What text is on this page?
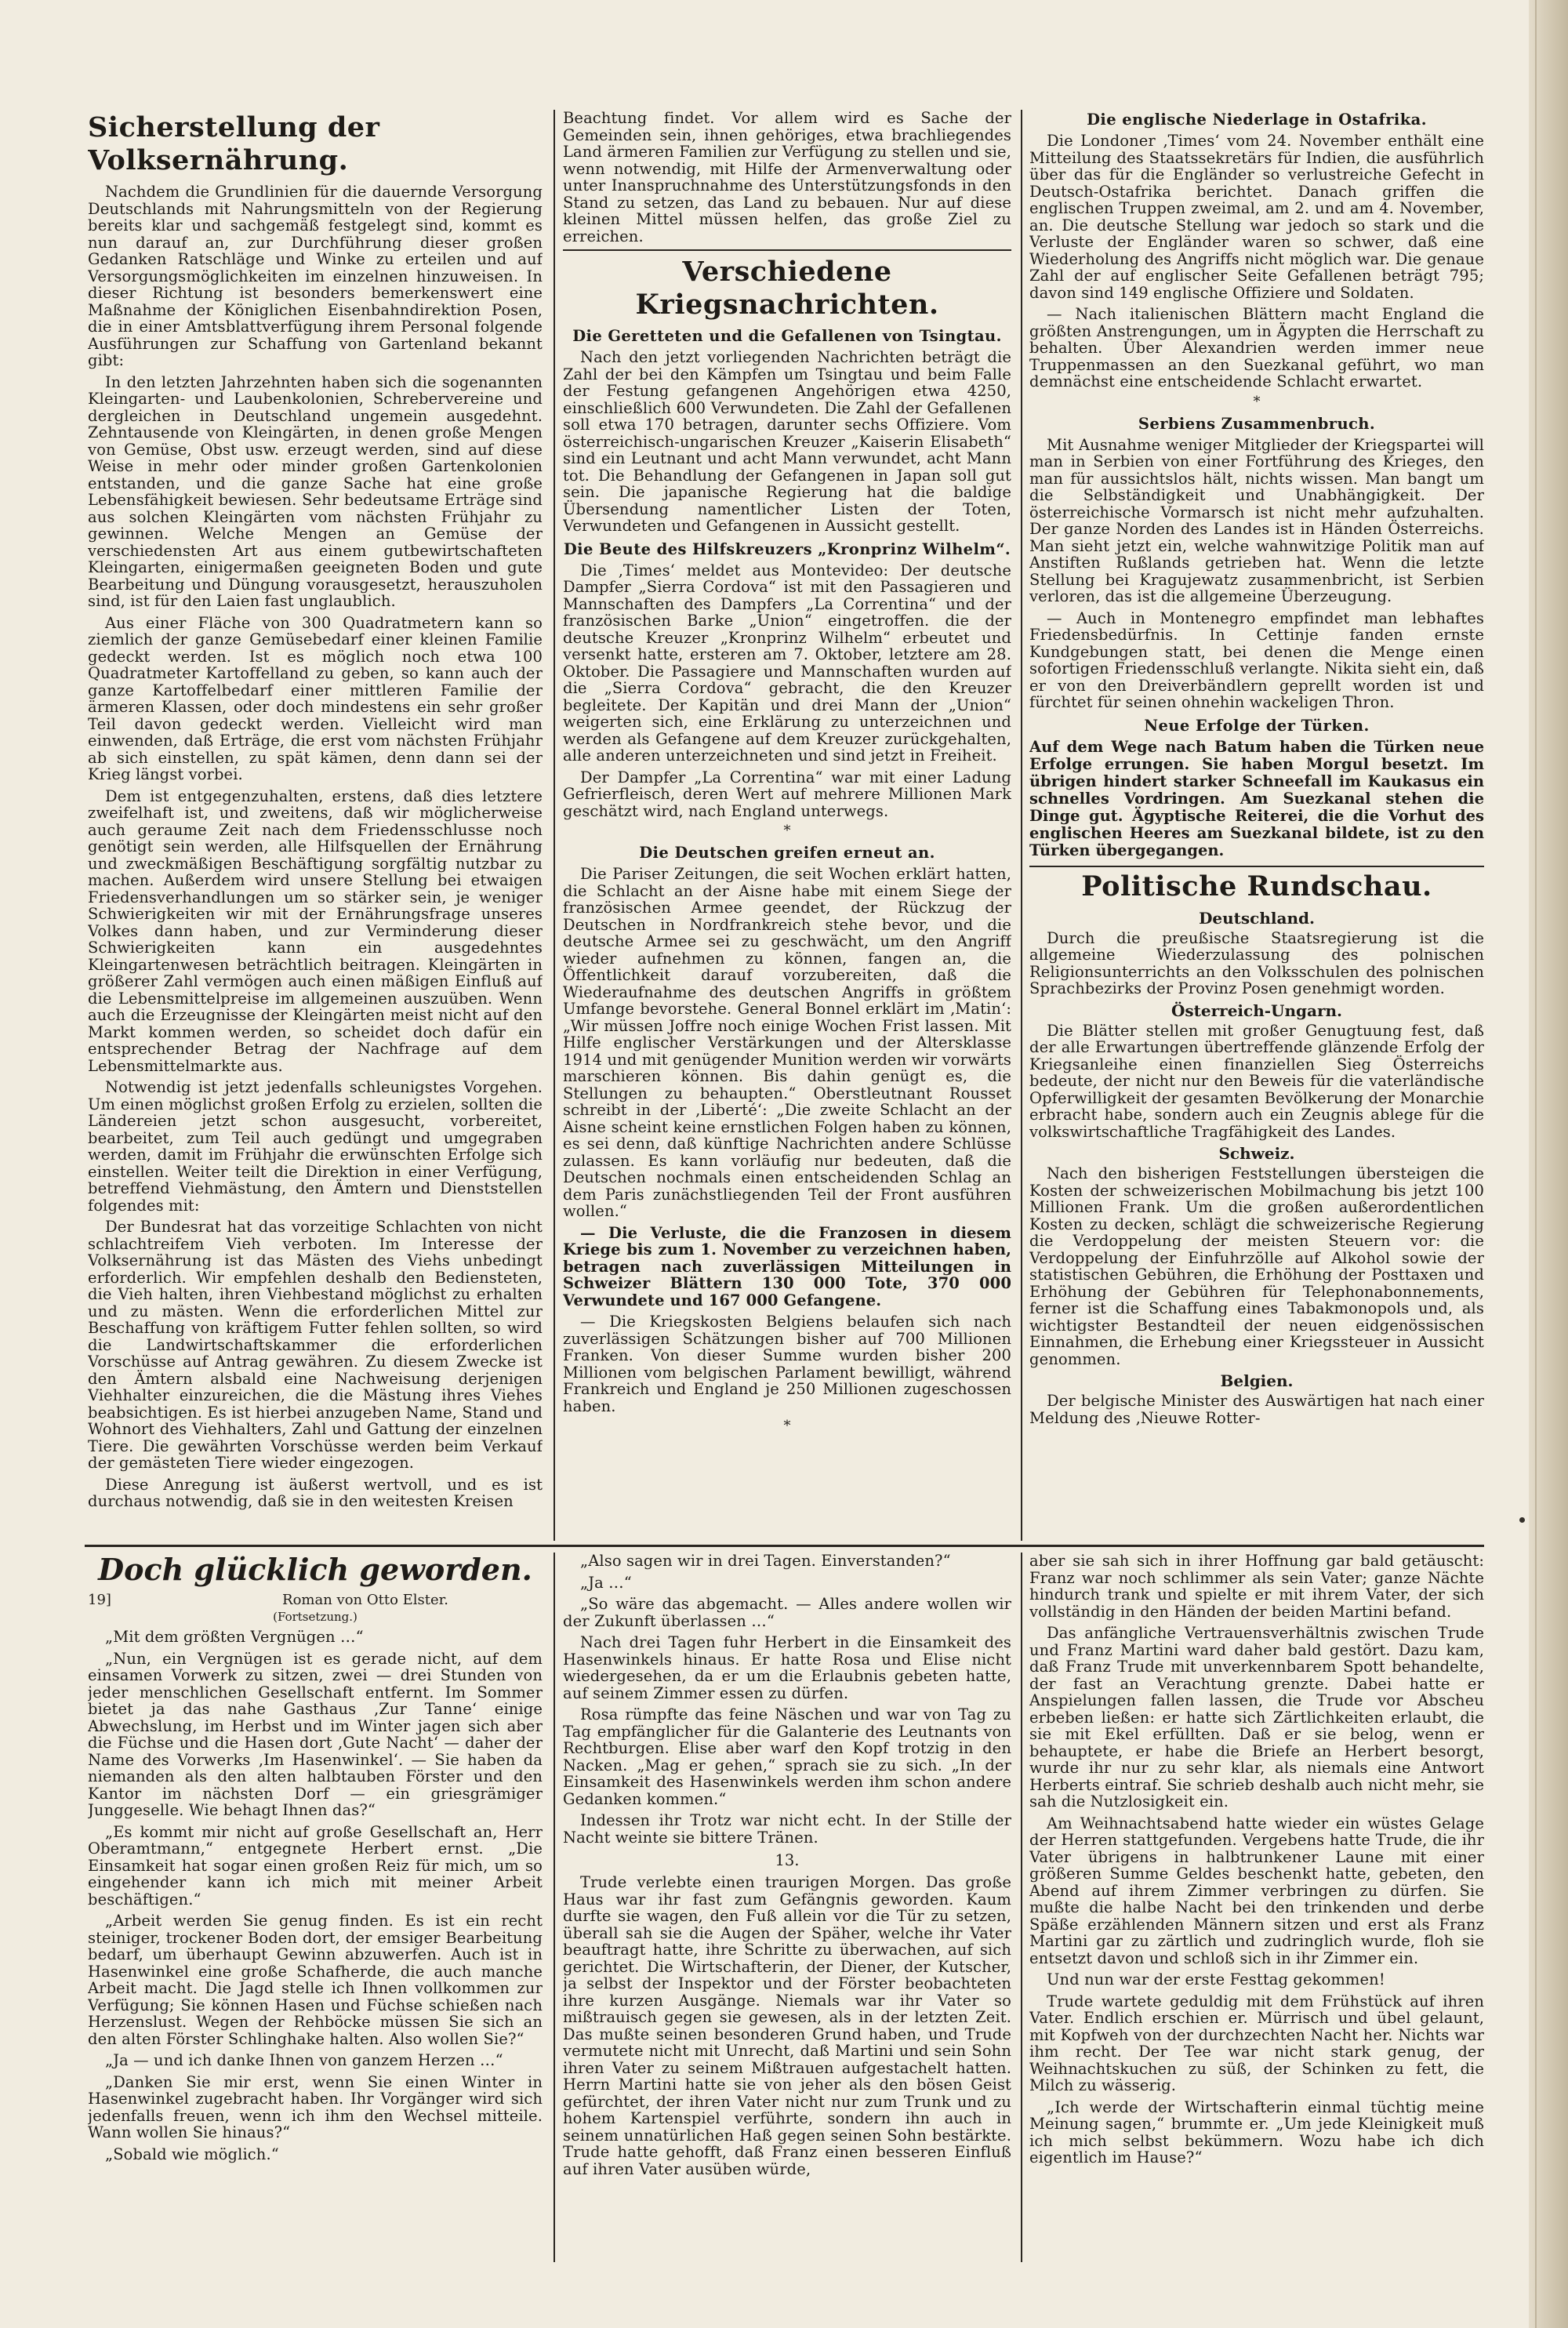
Sicherstellung der Volksernährung.

Nachdem die Grundlinien für die dauernde Versorgung Deutschlands mit Nahrungsmitteln von der Regierung bereits klar und sachgemäß festgelegt sind, kommt es nun darauf an, zur Durchführung dieser großen Gedanken Ratschläge und Winke zu erteilen und auf Versorgungsmöglichkeiten im einzelnen hinzuweisen. In dieser Richtung ist besonders bemerkenswert eine Maßnahme der Königlichen Eisenbahndirektion Posen, die in einer Amtsblattverfügung ihrem Personal folgende Ausführungen zur Schaffung von Gartenland bekannt gibt:

In den letzten Jahrzehnten haben sich die sogenannten Kleingarten- und Laubenkolonien, Schrebervereine und dergleichen in Deutschland ungemein ausgedehnt. Zehntausende von Kleingärten, in denen große Mengen von Gemüse, Obst usw. erzeugt werden, sind auf diese Weise in mehr oder minder großen Gartenkolonien entstanden, und die ganze Sache hat eine große Lebensfähigkeit bewiesen. Sehr bedeutsame Erträge sind aus solchen Kleingärten vom nächsten Frühjahr zu gewinnen. Welche Mengen an Gemüse der verschiedensten Art aus einem gutbewirtschafteten Kleingarten, einigermaßen geeigneten Boden und gute Bearbeitung und Düngung vorausgesetzt, herauszuholen sind, ist für den Laien fast unglaublich.

Aus einer Fläche von 300 Quadratmetern kann so ziemlich der ganze Gemüsebedarf einer kleinen Familie gedeckt werden. Ist es möglich noch etwa 100 Quadratmeter Kartoffelland zu geben, so kann auch der ganze Kartoffelbedarf einer mittleren Familie der ärmeren Klassen, oder doch mindestens ein sehr großer Teil davon gedeckt werden. Vielleicht wird man einwenden, daß Erträge, die erst vom nächsten Frühjahr ab sich einstellen, zu spät kämen, denn dann sei der Krieg längst vorbei.

Dem ist entgegenzuhalten, erstens, daß dies letztere zweifelhaft ist, und zweitens, daß wir möglicherweise auch geraume Zeit nach dem Friedensschlusse noch genötigt sein werden, alle Hilfsquellen der Ernährung und zweckmäßigen Beschäftigung sorgfältig nutzbar zu machen. Außerdem wird unsere Stellung bei etwaigen Friedensverhandlungen um so stärker sein, je weniger Schwierigkeiten wir mit der Ernährungsfrage unseres Volkes dann haben, und zur Verminderung dieser Schwierigkeiten kann ein ausgedehntes Kleingartenwesen beträchtlich beitragen. Kleingärten in größerer Zahl vermögen auch einen mäßigen Einfluß auf die Lebensmittelpreise im allgemeinen auszuüben. Wenn auch die Erzeugnisse der Kleingärten meist nicht auf den Markt kommen werden, so scheidet doch dafür ein entsprechender Betrag der Nachfrage auf dem Lebensmittelmarkte aus.

Notwendig ist jetzt jedenfalls schleunigstes Vorgehen. Um einen möglichst großen Erfolg zu erzielen, sollten die Ländereien jetzt schon ausgesucht, vorbereitet, bearbeitet, zum Teil auch gedüngt und umgegraben werden, damit im Frühjahr die erwünschten Erfolge sich einstellen. Weiter teilt die Direktion in einer Verfügung, betreffend Viehmästung, den Ämtern und Dienststellen folgendes mit:

Der Bundesrat hat das vorzeitige Schlachten von nicht schlachtreifem Vieh verboten. Im Interesse der Volksernährung ist das Mästen des Viehs unbedingt erforderlich. Wir empfehlen deshalb den Bediensteten, die Vieh halten, ihren Viehbestand möglichst zu erhalten und zu mästen. Wenn die erforderlichen Mittel zur Beschaffung von kräftigem Futter fehlen sollten, so wird die Landwirtschaftskammer die erforderlichen Vorschüsse auf Antrag gewähren. Zu diesem Zwecke ist den Ämtern alsbald eine Nachweisung derjenigen Viehhalter einzureichen, die die Mästung ihres Viehes beabsichtigen. Es ist hierbei anzugeben Name, Stand und Wohnort des Viehhalters, Zahl und Gattung der einzelnen Tiere. Die gewährten Vorschüsse werden beim Verkauf der gemästeten Tiere wieder eingezogen.

Diese Anregung ist äußerst wertvoll, und es ist durchaus notwendig, daß sie in den weitesten Kreisen

Beachtung findet. Vor allem wird es Sache der Gemeinden sein, ihnen gehöriges, etwa brachliegendes Land ärmeren Familien zur Verfügung zu stellen und sie, wenn notwendig, mit Hilfe der Armenverwaltung oder unter Inanspruchnahme des Unterstützungsfonds in den Stand zu setzen, das Land zu bebauen. Nur auf diese kleinen Mittel müssen helfen, das große Ziel zu erreichen.

Verschiedene Kriegsnachrichten.
Die Geretteten und die Gefallenen von Tsingtau.

Nach den jetzt vorliegenden Nachrichten beträgt die Zahl der bei den Kämpfen um Tsingtau und beim Falle der Festung gefangenen Angehörigen etwa 4250, einschließlich 600 Verwundeten. Die Zahl der Gefallenen soll etwa 170 betragen, darunter sechs Offiziere. Vom österreichisch-ungarischen Kreuzer „Kaiserin Elisabeth“ sind ein Leutnant und acht Mann verwundet, acht Mann tot. Die Behandlung der Gefangenen in Japan soll gut sein. Die japanische Regierung hat die baldige Übersendung namentlicher Listen der Toten, Verwundeten und Gefangenen in Aussicht gestellt.

Die Beute des Hilfskreuzers „Kronprinz Wilhelm“.

Die ‚Times‘ meldet aus Montevideo: Der deutsche Dampfer „Sierra Cordova“ ist mit den Passagieren und Mannschaften des Dampfers „La Correntina“ und der französischen Barke „Union“ eingetroffen. die der deutsche Kreuzer „Kronprinz Wilhelm“ erbeutet und versenkt hatte, ersteren am 7. Oktober, letztere am 28. Oktober. Die Passagiere und Mannschaften wurden auf die „Sierra Cordova“ gebracht, die den Kreuzer begleitete. Der Kapitän und drei Mann der „Union“ weigerten sich, eine Erklärung zu unterzeichnen und werden als Gefangene auf dem Kreuzer zurückgehalten, alle anderen unterzeichneten und sind jetzt in Freiheit.

Der Dampfer „La Correntina“ war mit einer Ladung Gefrierfleisch, deren Wert auf mehrere Millionen Mark geschätzt wird, nach England unterwegs.

*
Die Deutschen greifen erneut an.

Die Pariser Zeitungen, die seit Wochen erklärt hatten, die Schlacht an der Aisne habe mit einem Siege der französischen Armee geendet, der Rückzug der Deutschen in Nordfrankreich stehe bevor, und die deutsche Armee sei zu geschwächt, um den Angriff wieder aufnehmen zu können, fangen an, die Öffentlichkeit darauf vorzubereiten, daß die Wiederaufnahme des deutschen Angriffs in größtem Umfange bevorstehe. General Bonnel erklärt im ‚Matin‘: „Wir müssen Joffre noch einige Wochen Frist lassen. Mit Hilfe englischer Verstärkungen und der Altersklasse 1914 und mit genügender Munition werden wir vorwärts marschieren können. Bis dahin genügt es, die Stellungen zu behaupten.“ Oberstleutnant Rousset schreibt in der ‚Liberté‘: „Die zweite Schlacht an der Aisne scheint keine ernstlichen Folgen haben zu können, es sei denn, daß künftige Nachrichten andere Schlüsse zulassen. Es kann vorläufig nur bedeuten, daß die Deutschen nochmals einen entscheidenden Schlag an dem Paris zunächstliegenden Teil der Front ausführen wollen.“

— Die Verluste, die die Franzosen in diesem Kriege bis zum 1. November zu verzeichnen haben, betragen nach zuverlässigen Mitteilungen in Schweizer Blättern 130 000 Tote, 370 000 Verwundete und 167 000 Gefangene.

— Die Kriegskosten Belgiens belaufen sich nach zuverlässigen Schätzungen bisher auf 700 Millionen Franken. Von dieser Summe wurden bisher 200 Millionen vom belgischen Parlament bewilligt, während Frankreich und England je 250 Millionen zugeschossen haben.

*
Die englische Niederlage in Ostafrika.

Die Londoner ‚Times‘ vom 24. November enthält eine Mitteilung des Staatssekretärs für Indien, die ausführlich über das für die Engländer so verlustreiche Gefecht in Deutsch-Ostafrika berichtet. Danach griffen die englischen Truppen zweimal, am 2. und am 4. November, an. Die deutsche Stellung war jedoch so stark und die Verluste der Engländer waren so schwer, daß eine Wiederholung des Angriffs nicht möglich war. Die genaue Zahl der auf englischer Seite Gefallenen beträgt 795; davon sind 149 englische Offiziere und Soldaten.

— Nach italienischen Blättern macht England die größten Anstrengungen, um in Ägypten die Herrschaft zu behalten. Über Alexandrien werden immer neue Truppenmassen an den Suezkanal geführt, wo man demnächst eine entscheidende Schlacht erwartet.

*
Serbiens Zusammenbruch.

Mit Ausnahme weniger Mitglieder der Kriegspartei will man in Serbien von einer Fortführung des Krieges, den man für aussichtslos hält, nichts wissen. Man bangt um die Selbständigkeit und Unabhängigkeit. Der österreichische Vormarsch ist nicht mehr aufzuhalten. Der ganze Norden des Landes ist in Händen Österreichs. Man sieht jetzt ein, welche wahnwitzige Politik man auf Anstiften Rußlands getrieben hat. Wenn die letzte Stellung bei Kragujewatz zusammenbricht, ist Serbien verloren, das ist die allgemeine Überzeugung.

— Auch in Montenegro empfindet man lebhaftes Friedensbedürfnis. In Cettinje fanden ernste Kundgebungen statt, bei denen die Menge einen sofortigen Friedensschluß verlangte. Nikita sieht ein, daß er von den Dreiverbändlern geprellt worden ist und fürchtet für seinen ohnehin wackeligen Thron.

Neue Erfolge der Türken.
Auf dem Wege nach Batum haben die Türken neue Erfolge errungen. Sie haben Morgul besetzt. Im übrigen hindert starker Schneefall im Kaukasus ein schnelles Vordringen. Am Suezkanal stehen die Dinge gut. Ägyptische Reiterei, die die Vorhut des englischen Heeres am Suezkanal bildete, ist zu den Türken übergegangen.
Politische Rundschau.
Deutschland.

Durch die preußische Staatsregierung ist die allgemeine Wiederzulassung des polnischen Religionsunterrichts an den Volksschulen des polnischen Sprachbezirks der Provinz Posen genehmigt worden.

Österreich-Ungarn.

Die Blätter stellen mit großer Genugtuung fest, daß der alle Erwartungen übertreffende glänzende Erfolg der Kriegsanleihe einen finanziellen Sieg Österreichs bedeute, der nicht nur den Beweis für die vaterländische Opferwilligkeit der gesamten Bevölkerung der Monarchie erbracht habe, sondern auch ein Zeugnis ablege für die volkswirtschaftliche Tragfähigkeit des Landes.

Schweiz.

Nach den bisherigen Feststellungen übersteigen die Kosten der schweizerischen Mobilmachung bis jetzt 100 Millionen Frank. Um die großen außerordentlichen Kosten zu decken, schlägt die schweizerische Regierung die Verdoppelung der meisten Steuern vor: die Verdoppelung der Einfuhrzölle auf Alkohol sowie der statistischen Gebühren, die Erhöhung der Posttaxen und Erhöhung der Gebühren für Telephonabonnements, ferner ist die Schaffung eines Tabakmonopols und, als wichtigster Bestandteil der neuen eidgenössischen Einnahmen, die Erhebung einer Kriegssteuer in Aussicht genommen.

Belgien.

Der belgische Minister des Auswärtigen hat nach einer Meldung des ‚Nieuwe Rotter-

Doch glücklich geworden.
19]	Roman von Otto Elster.
(Fortsetzung.)

„Mit dem größten Vergnügen …“

„Nun, ein Vergnügen ist es gerade nicht, auf dem einsamen Vorwerk zu sitzen, zwei — drei Stunden von jeder menschlichen Gesellschaft entfernt. Im Sommer bietet ja das nahe Gasthaus ‚Zur Tanne‘ einige Abwechslung, im Herbst und im Winter jagen sich aber die Füchse und die Hasen dort ‚Gute Nacht‘ — daher der Name des Vorwerks ‚Im Hasenwinkel‘. — Sie haben da niemanden als den alten halbtauben Förster und den Kantor im nächsten Dorf — ein griesgrämiger Junggeselle. Wie behagt Ihnen das?“

„Es kommt mir nicht auf große Gesellschaft an, Herr Oberamtmann,“ entgegnete Herbert ernst. „Die Einsamkeit hat sogar einen großen Reiz für mich, um so eingehender kann ich mich mit meiner Arbeit beschäftigen.“

„Arbeit werden Sie genug finden. Es ist ein recht steiniger, trockener Boden dort, der emsiger Bearbeitung bedarf, um überhaupt Gewinn abzuwerfen. Auch ist in Hasenwinkel eine große Schafherde, die auch manche Arbeit macht. Die Jagd stelle ich Ihnen vollkommen zur Verfügung; Sie können Hasen und Füchse schießen nach Herzenslust. Wegen der Rehböcke müssen Sie sich an den alten Förster Schlinghake halten. Also wollen Sie?“

„Ja — und ich danke Ihnen von ganzem Herzen …“

„Danken Sie mir erst, wenn Sie einen Winter in Hasenwinkel zugebracht haben. Ihr Vorgänger wird sich jedenfalls freuen, wenn ich ihm den Wechsel mitteile. Wann wollen Sie hinaus?“

„Sobald wie möglich.“

„Also sagen wir in drei Tagen. Einverstanden?“

„Ja …“

„So wäre das abgemacht. — Alles andere wollen wir der Zukunft überlassen …“

Nach drei Tagen fuhr Herbert in die Einsamkeit des Hasenwinkels hinaus. Er hatte Rosa und Elise nicht wiedergesehen, da er um die Erlaubnis gebeten hatte, auf seinem Zimmer essen zu dürfen.

Rosa rümpfte das feine Näschen und war von Tag zu Tag empfänglicher für die Galanterie des Leutnants von Rechtburgen. Elise aber warf den Kopf trotzig in den Nacken. „Mag er gehen,“ sprach sie zu sich. „In der Einsamkeit des Hasenwinkels werden ihm schon andere Gedanken kommen.“

Indessen ihr Trotz war nicht echt. In der Stille der Nacht weinte sie bittere Tränen.

13.

Trude verlebte einen traurigen Morgen. Das große Haus war ihr fast zum Gefängnis geworden. Kaum durfte sie wagen, den Fuß allein vor die Tür zu setzen, überall sah sie die Augen der Späher, welche ihr Vater beauftragt hatte, ihre Schritte zu überwachen, auf sich gerichtet. Die Wirtschafterin, der Diener, der Kutscher, ja selbst der Inspektor und der Förster beobachteten ihre kurzen Ausgänge. Niemals war ihr Vater so mißtrauisch gegen sie gewesen, als in der letzten Zeit. Das mußte seinen besonderen Grund haben, und Trude vermutete nicht mit Unrecht, daß Martini und sein Sohn ihren Vater zu seinem Mißtrauen aufgestachelt hatten. Herrn Martini hatte sie von jeher als den bösen Geist gefürchtet, der ihren Vater nicht nur zum Trunk und zu hohem Kartenspiel verführte, sondern ihn auch in seinem unnatürlichen Haß gegen seinen Sohn bestärkte. Trude hatte gehofft, daß Franz einen besseren Einfluß auf ihren Vater ausüben würde,

aber sie sah sich in ihrer Hoffnung gar bald getäuscht: Franz war noch schlimmer als sein Vater; ganze Nächte hindurch trank und spielte er mit ihrem Vater, der sich vollständig in den Händen der beiden Martini befand.

Das anfängliche Vertrauensverhältnis zwischen Trude und Franz Martini ward daher bald gestört. Dazu kam, daß Franz Trude mit unverkennbarem Spott behandelte, der fast an Verachtung grenzte. Dabei hatte er Anspielungen fallen lassen, die Trude vor Abscheu erbeben ließen: er hatte sich Zärtlichkeiten erlaubt, die sie mit Ekel erfüllten. Daß er sie belog, wenn er behauptete, er habe die Briefe an Herbert besorgt, wurde ihr nur zu sehr klar, als niemals eine Antwort Herberts eintraf. Sie schrieb deshalb auch nicht mehr, sie sah die Nutzlosigkeit ein.

Am Weihnachtsabend hatte wieder ein wüstes Gelage der Herren stattgefunden. Vergebens hatte Trude, die ihr Vater übrigens in halbtrunkener Laune mit einer größeren Summe Geldes beschenkt hatte, gebeten, den Abend auf ihrem Zimmer verbringen zu dürfen. Sie mußte die halbe Nacht bei den trinkenden und derbe Späße erzählenden Männern sitzen und erst als Franz Martini gar zu zärtlich und zudringlich wurde, floh sie entsetzt davon und schloß sich in ihr Zimmer ein.

Und nun war der erste Festtag gekommen!

Trude wartete geduldig mit dem Frühstück auf ihren Vater. Endlich erschien er. Mürrisch und übel gelaunt, mit Kopfweh von der durchzechten Nacht her. Nichts war ihm recht. Der Tee war nicht stark genug, der Weihnachtskuchen zu süß, der Schinken zu fett, die Milch zu wässerig.

„Ich werde der Wirtschafterin einmal tüchtig meine Meinung sagen,“ brummte er. „Um jede Kleinigkeit muß ich mich selbst bekümmern. Wozu habe ich dich eigentlich im Hause?“
